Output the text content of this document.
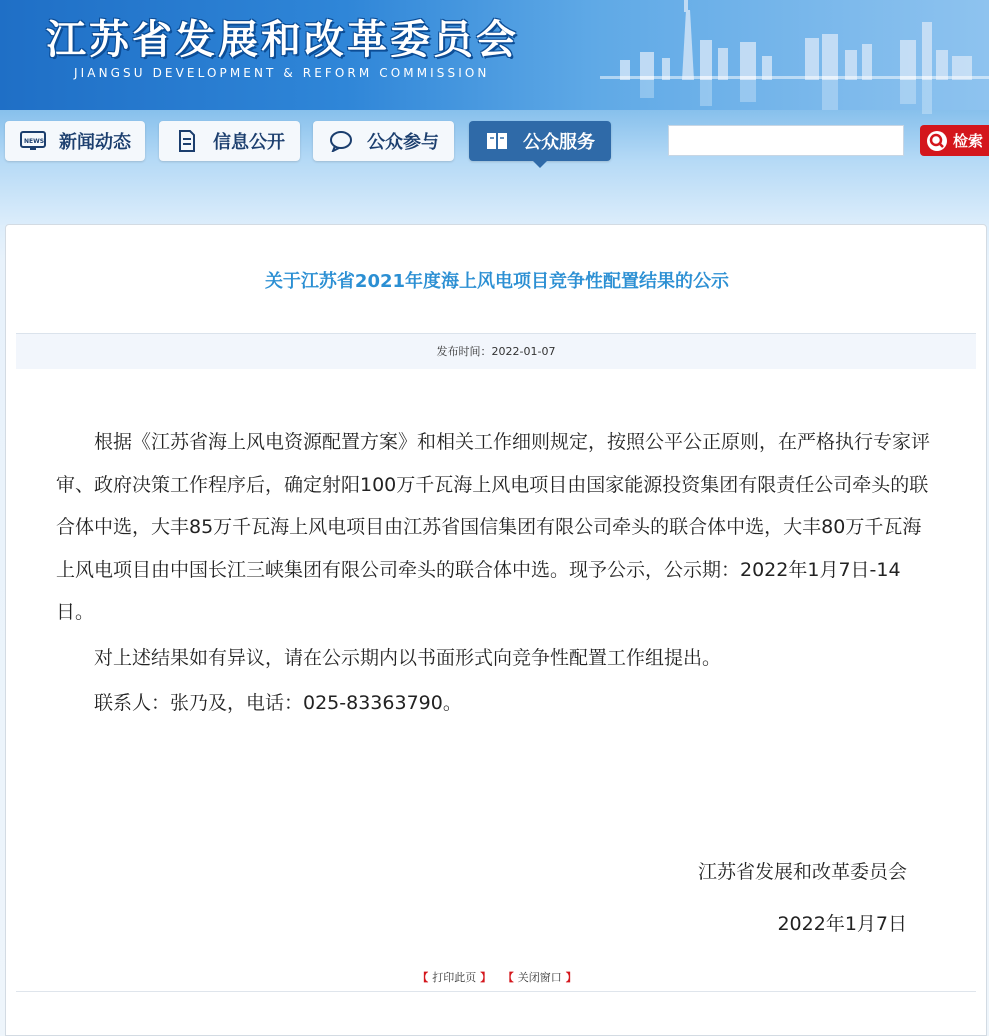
江苏省发展和改革委员会
JIANGSU DEVELOPMENT & REFORM COMMISSION
NEWS 新闻动态	信息公开	公众参与	公众服务	检索
关于江苏省2021年度海上风电项目竞争性配置结果的公示
发布时间：2022-01-07

根据《江苏省海上风电资源配置方案》和相关工作细则规定，按照公平公正原则，在严格执行专家评审、政府决策工作程序后，确定射阳100万千瓦海上风电项目由国家能源投资集团有限责任公司牵头的联合体中选，大丰85万千瓦海上风电项目由江苏省国信集团有限公司牵头的联合体中选，大丰80万千瓦海上风电项目由中国长江三峡集团有限公司牵头的联合体中选。现予公示，公示期：2022年1月7日-14日。

对上述结果如有异议，请在公示期内以书面形式向竞争性配置工作组提出。

联系人：张乃及，电话：025-83363790。

江苏省发展和改革委员会
2022年1月7日
【 打印此页 】 【 关闭窗口 】
